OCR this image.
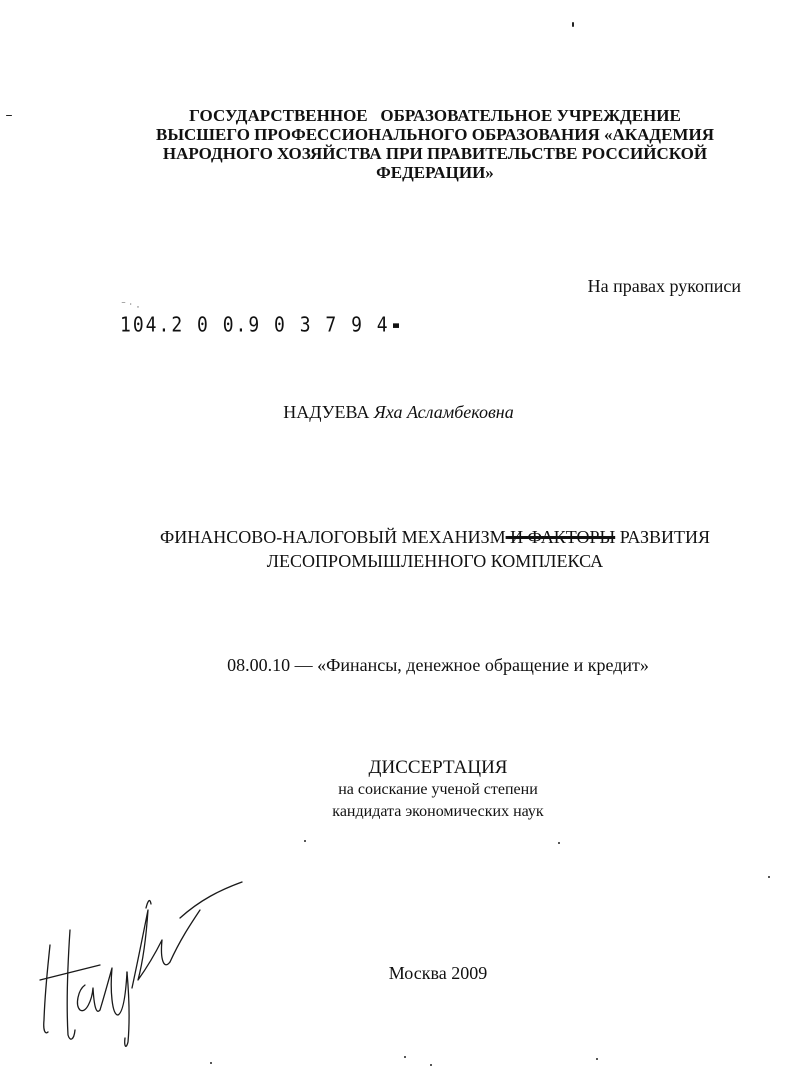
ГОСУДАРСТВЕННОЕ   ОБРАЗОВАТЕЛЬНОЕ УЧРЕЖДЕНИЕ
ВЫСШЕГО ПРОФЕССИОНАЛЬНОГО ОБРАЗОВАНИЯ «АКАДЕМИЯ
НАРОДНОГО ХОЗЯЙСТВА ПРИ ПРАВИТЕЛЬСТВЕ РОССИЙСКОЙ
ФЕДЕРАЦИИ»
На правах рукописи
‾ ˙ ·
104.2 0 0.9 0 3 7 9 4
НАДУЕВА Яха Асламбековна
ФИНАНСОВО-НАЛОГОВЫЙ МЕХАНИЗМ И ФАКТОРЫ РАЗВИТИЯ
ЛЕСОПРОМЫШЛЕННОГО КОМПЛЕКСА
08.00.10 — «Финансы, денежное обращение и кредит»
ДИССЕРТАЦИЯ
на соискание ученой степени
кандидата экономических наук
Москва 2009
